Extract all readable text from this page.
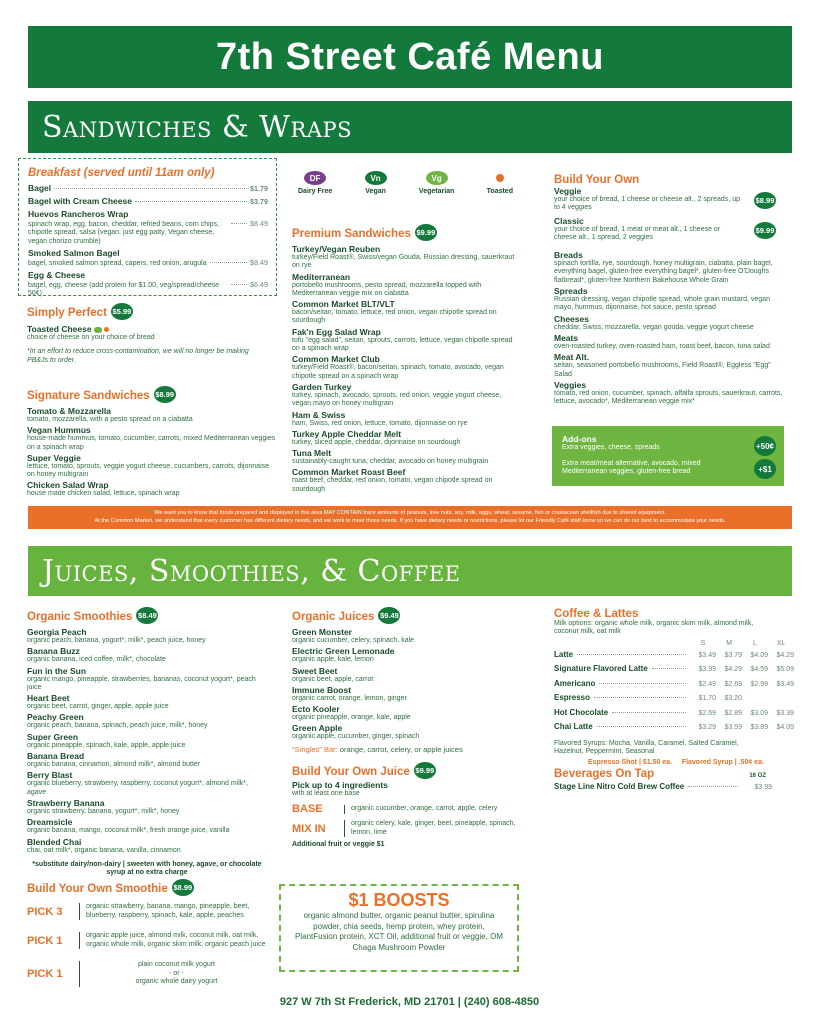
7th Street Café Menu
Sandwiches & Wraps
Breakfast (served until 11am only)
Bagel	$1.79
Bagel with Cream Cheese	$3.79
Huevos Rancheros Wrap
spinach wrap, egg, bacon, cheddar, refried beans, corn chips, chipotle spread, salsa (vegan: just egg patty, Vegan cheese, vegan chorizo crumble)
$8.49
Smoked Salmon Bagel
bagel, smoked salmon spread, capers, red onion, arugula	$8.49
Egg & Cheese
bagel, egg, cheese (add protein for $1.00, veg/spread/cheese 50¢)
$6.49
Simply Perfect $5.99
Toasted Cheese
choice of cheese on your choice of bread
*In an effort to reduce cross-contamination, we will no longer be making PB&Js to order.
Signature Sandwiches $8.99
Tomato & Mozzarella
tomato, mozzarella, with a pesto spread on a ciabatta
Vegan Hummus
house-made hummus, tomato, cucumber, carrots, mixed Mediterranean veggies on a spinach wrap
Super Veggie
lettuce, tomato, sprouts, veggie yogurt cheese, cucumbers, carrots, dijonnaise on honey multigrain
Chicken Salad Wrap
house made chicken salad, lettuce, spinach wrap
DF
Dairy Free
Vn
Vegan
Vg
Vegetarian	Toasted
Premium Sandwiches $9.99
Turkey/Vegan Reuben
turkey/Field Roast®, Swiss/vegan Gouda, Russian dressing, sauerkraut on rye
Mediterranean
portobello mushrooms, pesto spread, mozzarella topped with Mediterranean veggie mix on ciabatta
Common Market BLT/VLT
bacon/seitan, tomato, lettuce, red onion, vegan chipotle spread on sourdough
Fak'n Egg Salad Wrap
tofu "egg salad", seitan, sprouts, carrots, lettuce, vegan chipotle spread on a spinach wrap
Common Market Club
turkey/Field Roast®, bacon/seitan, spinach, tomato, avocado, vegan chipotle spread on a spinach wrap
Garden Turkey
turkey, spinach, avocado, sprouts, red onion, veggie yogurt cheese, vegan mayo on honey multigrain
Ham & Swiss
ham, Swiss, red onion, lettuce, tomato, dijonnaise on rye
Turkey Apple Cheddar Melt
turkey, sliced apple, cheddar, dijonnaise on sourdough
Tuna Melt
sustainably-caught tuna, cheddar, avocado on honey multigrain
Common Market Roast Beef
roast beef, cheddar, red onion, tomato, vegan chipotle spread on sourdough
Build Your Own
Veggie
your choice of bread, 1 cheese or cheese alt., 2 spreads, up to 4 veggies
$8.99
Classic
your choice of bread, 1 meat or meat alt., 1 cheese or cheese alt., 1 spread, 2 veggies
$9.99
Breads
spinach tortilla, rye, sourdough, honey multigrain, ciabatta, plain bagel, everything bagel, gluten-free everything bagel*, gluten-free O'Doughs flatbread*, gluten-free Northern Bakehouse Whole Grain
Spreads
Russian dressing, vegan chipotle spread, whole grain mustard, vegan mayo, hummus, dijonnaise, hot sauce, pesto spread
Cheeses
cheddar, Swiss, mozzarella, vegan gouda, veggie yogurt cheese
Meats
oven-roasted turkey, oven-roasted ham, roast beef, bacon, tuna salad
Meat Alt.
seitan, seasoned portobello mushrooms, Field Roast®, Eggless "Egg" Salad
Veggies
tomato, red onion, cucumber, spinach, alfalfa sprouts, sauerkraut, carrots, lettuce, avocado*, Mediterranean veggie mix*
Add-ons
Extra veggies, cheese, spreads	+50¢
Extra meat/meat alternative, avocado, mixed Mediterranean veggies, gluten-free bread	+$1
We want you to know that foods prepared and displayed in this area MAY CONTAIN trace amounts of peanuts, tree nuts, soy, milk, eggs, wheat, sesame, fish or crustacean shellfish due to shared equipment.
At the Common Market, we understand that every customer has different dietary needs, and we work to meet those needs. If you have dietary needs or restrictions, please let our Friendly Café staff know so we can do our best to accommodate your needs.
Juices, Smoothies, & Coffee
Organic Smoothies $8.49
Georgia Peach
organic peach, banana, yogurt*, milk*, peach juice, honey
Banana Buzz
organic banana, iced coffee, milk*, chocolate
Fun in the Sun
organic mango, pineapple, strawberries, bananas, coconut yogurt*, peach juice
Heart Beet
organic beet, carrot, ginger, apple, apple juice
Peachy Green
organic peach, banana, spinach, peach juice, milk*, honey
Super Green
organic pineapple, spinach, kale, apple, apple juice
Banana Bread
organic banana, cinnamon, almond milk*, almond butter
Berry Blast
organic blueberry, strawberry, raspberry, coconut yogurt*, almond milk*, agave
Strawberry Banana
organic strawberry, banana, yogurt*, milk*, honey
Dreamsicle
organic banana, mango, coconut milk*, fresh orange juice, vanilla
Blended Chai
chai, oat milk*, organic banana, vanilla, cinnamon
*substitute dairy/non-dairy | sweeten with honey, agave, or chocolate syrup at no extra charge
Build Your Own Smoothie $8.99
PICK 3	organic strawberry, banana, mango, pineapple, beet, blueberry, raspberry, spinach, kale, apple, peaches
PICK 1	organic apple juice, almond milk, coconut milk, oat milk, organic whole milk, organic skim milk, organic peach juice
PICK 1
plain coconut milk yogurt
- or -
organic whole dairy yogurt
Organic Juices $9.49
Green Monster
organic cucumber, celery, spinach, kale
Electric Green Lemonade
organic apple, kale, lemon
Sweet Beet
organic beet, apple, carrot
Immune Boost
organic carrot, orange, lemon, ginger
Ecto Kooler
organic pineapple, orange, kale, apple
Green Apple
organic apple, cucumber, ginger, spinach
"Singles" Bar: orange, carrot, celery, or apple juices
Build Your Own Juice $9.99
Pick up to 4 ingredients
with at least one base
BASE	organic cucumber, orange, carrot, apple, celery
MIX IN	organic celery, kale, ginger, beet, pineapple, spinach, lemon, lime
Additional fruit or veggie $1
$1 BOOSTS
organic almond butter, organic peanut butter, spirulina powder, chia seeds, hemp protein, whey protein, PlantFusion protein, XCT Oil, additional fruit or veggie, OM Chaga Mushroom Powder
Coffee & Lattes
Milk options: organic whole milk, organic skim milk, almond milk, coconut milk, oat milk
S	M	L	XL
Latte	$3.49	$3.79	$4.09	$4.29
Signature Flavored Latte	$3.99	$4.29	$4.59	$5.09
Americano	$2.49	$2.69	$2.99	$3.49
Espresso	$1.70	$3.20
Hot Chocolate	$2.69	$2.89	$3.09	$3.39
Chai Latte	$3.29	$3.59	$3.89	$4.09
Flavored Syrups: Mocha, Vanilla, Caramel, Salted Caramel, Hazelnut, Peppermint, Seasonal
Espresso Shot | $1.50 ea. Flavored Syrup | .50¢ ea.
Beverages On Tap	16 OZ
Stage Line Nitro Cold Brew Coffee	$3.99
927 W 7th St Frederick, MD 21701 | (240) 608-4850
